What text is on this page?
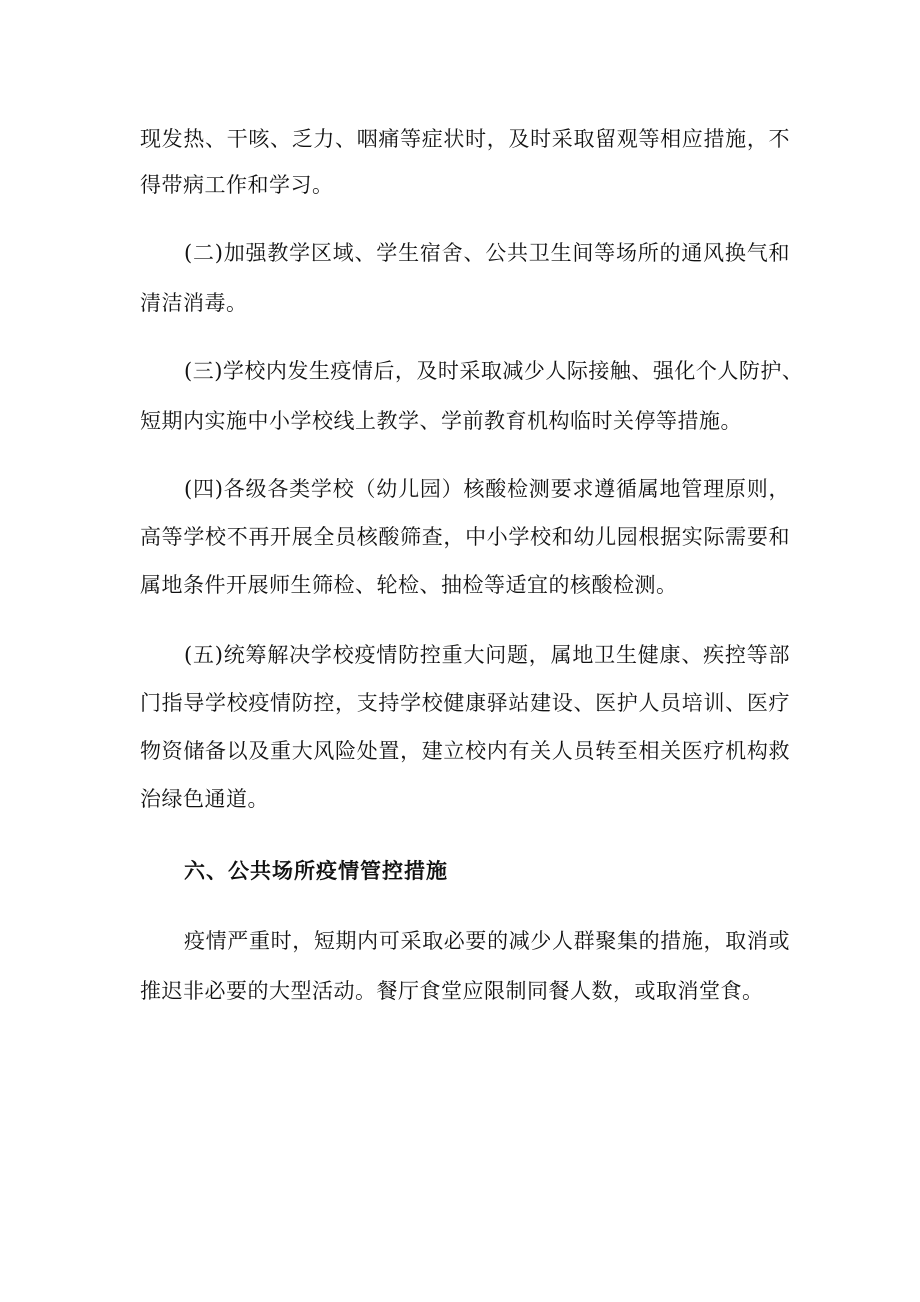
现发热、干咳、乏力、咽痛等症状时，及时采取留观等相应措施，不
得带病工作和学习。
(二)加强教学区域、学生宿舍、公共卫生间等场所的通风换气和
清洁消毒。
(三)学校内发生疫情后，及时采取减少人际接触、强化个人防护、
短期内实施中小学校线上教学、学前教育机构临时关停等措施。
(四)各级各类学校（幼儿园）核酸检测要求遵循属地管理原则，
高等学校不再开展全员核酸筛查，中小学校和幼儿园根据实际需要和
属地条件开展师生筛检、轮检、抽检等适宜的核酸检测。
(五)统筹解决学校疫情防控重大问题，属地卫生健康、疾控等部
门指导学校疫情防控，支持学校健康驿站建设、医护人员培训、医疗
物资储备以及重大风险处置，建立校内有关人员转至相关医疗机构救
治绿色通道。
六、公共场所疫情管控措施
疫情严重时，短期内可采取必要的减少人群聚集的措施，取消或
推迟非必要的大型活动。餐厅食堂应限制同餐人数，或取消堂食。
